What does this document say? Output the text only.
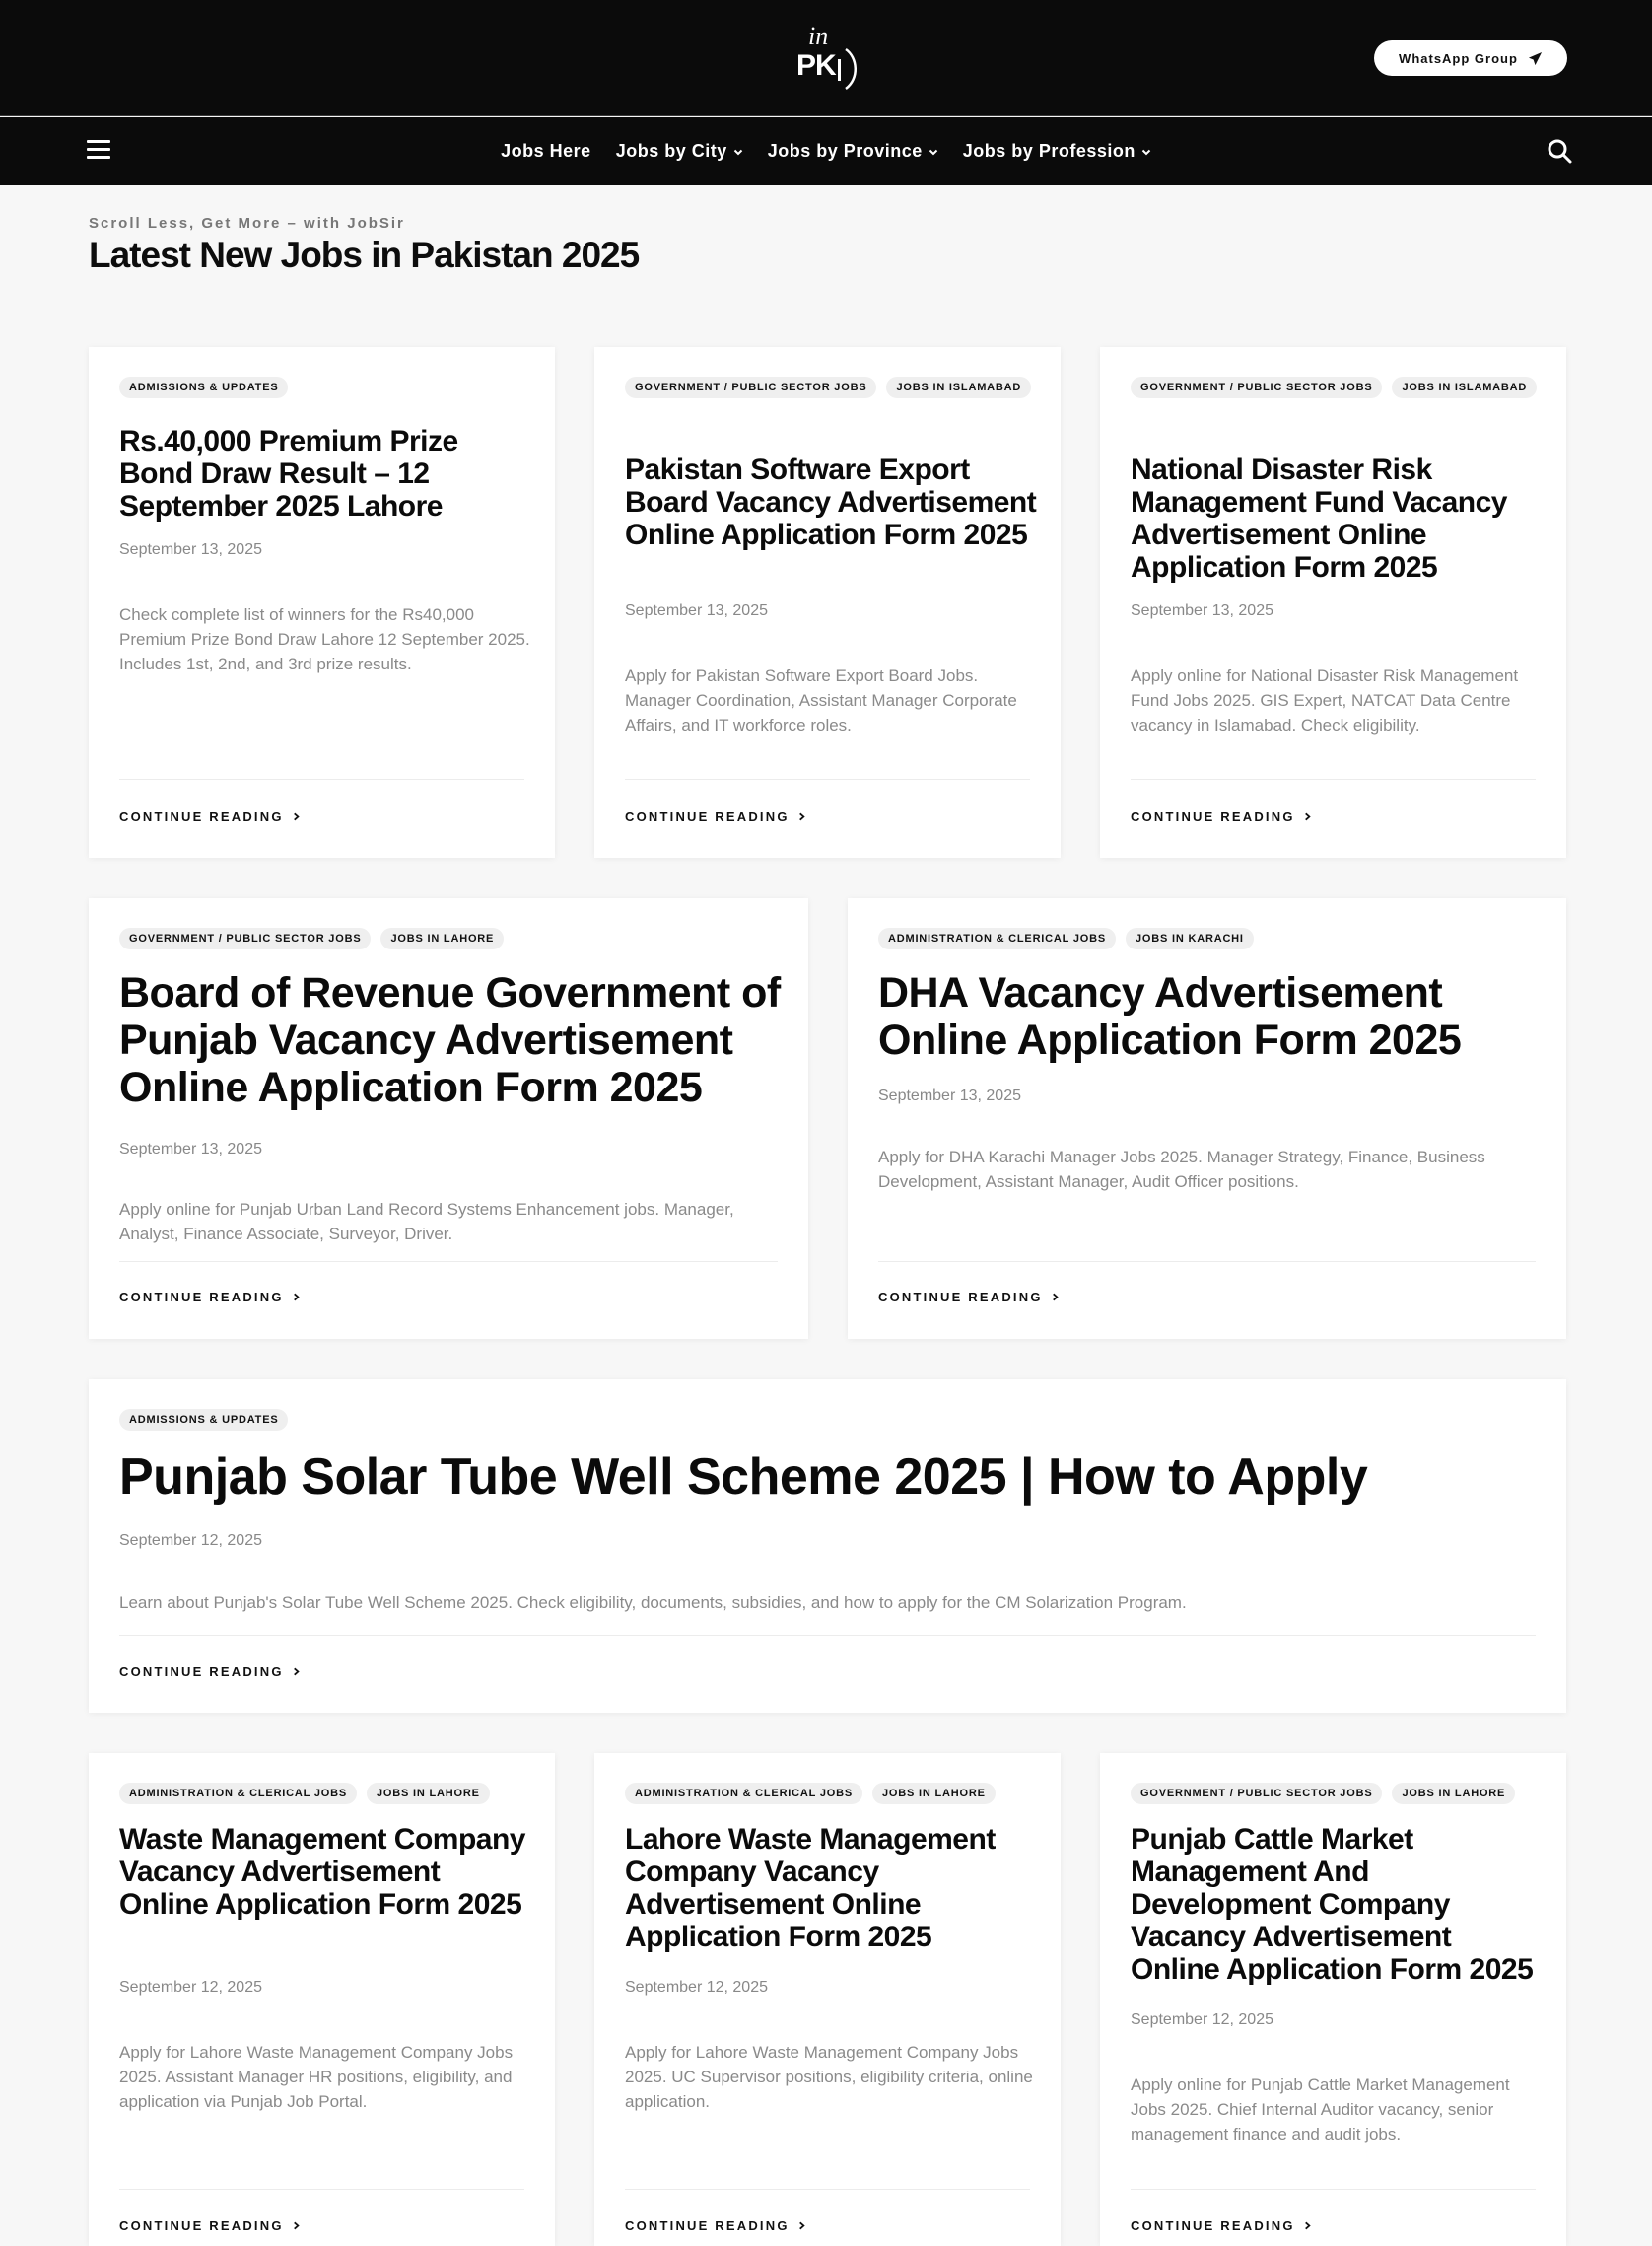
in
PK	WhatsApp Group
Jobs Here Jobs by City Jobs by Province Jobs by Profession
Scroll Less, Get More – with JobSir
Latest New Jobs in Pakistan 2025
ADMISSIONS & UPDATES
Rs.40,000 Premium Prize Bond Draw Result – 12 September 2025 Lahore
September 13, 2025
Check complete list of winners for the Rs40,000 Premium Prize Bond Draw Lahore 12 September 2025. Includes 1st, 2nd, and 3rd prize results.
CONTINUE READING
GOVERNMENT / PUBLIC SECTOR JOBS	JOBS IN ISLAMABAD
Pakistan Software Export Board Vacancy Advertisement Online Application Form 2025
September 13, 2025
Apply for Pakistan Software Export Board Jobs. Manager Coordination, Assistant Manager Corporate Affairs, and IT workforce roles.
CONTINUE READING
GOVERNMENT / PUBLIC SECTOR JOBS	JOBS IN ISLAMABAD
National Disaster Risk Management Fund Vacancy Advertisement Online Application Form 2025
September 13, 2025
Apply online for National Disaster Risk Management Fund Jobs 2025. GIS Expert, NATCAT Data Centre vacancy in Islamabad. Check eligibility.
CONTINUE READING
GOVERNMENT / PUBLIC SECTOR JOBS	JOBS IN LAHORE
Board of Revenue Government of Punjab Vacancy Advertisement Online Application Form 2025
September 13, 2025
Apply online for Punjab Urban Land Record Systems Enhancement jobs. Manager, Analyst, Finance Associate, Surveyor, Driver.
CONTINUE READING
ADMINISTRATION & CLERICAL JOBS	JOBS IN KARACHI
DHA Vacancy Advertisement Online Application Form 2025
September 13, 2025
Apply for DHA Karachi Manager Jobs 2025. Manager Strategy, Finance, Business Development, Assistant Manager, Audit Officer positions.
CONTINUE READING
ADMISSIONS & UPDATES
Punjab Solar Tube Well Scheme 2025 | How to Apply
September 12, 2025
Learn about Punjab's Solar Tube Well Scheme 2025. Check eligibility, documents, subsidies, and how to apply for the CM Solarization Program.
CONTINUE READING
ADMINISTRATION & CLERICAL JOBS	JOBS IN LAHORE
Waste Management Company Vacancy Advertisement Online Application Form 2025
September 12, 2025
Apply for Lahore Waste Management Company Jobs 2025. Assistant Manager HR positions, eligibility, and application via Punjab Job Portal.
CONTINUE READING
ADMINISTRATION & CLERICAL JOBS	JOBS IN LAHORE
Lahore Waste Management Company Vacancy Advertisement Online Application Form 2025
September 12, 2025
Apply for Lahore Waste Management Company Jobs 2025. UC Supervisor positions, eligibility criteria, online application.
CONTINUE READING
GOVERNMENT / PUBLIC SECTOR JOBS	JOBS IN LAHORE
Punjab Cattle Market Management And Development Company Vacancy Advertisement Online Application Form 2025
September 12, 2025
Apply online for Punjab Cattle Market Management Jobs 2025. Chief Internal Auditor vacancy, senior management finance and audit jobs.
CONTINUE READING
